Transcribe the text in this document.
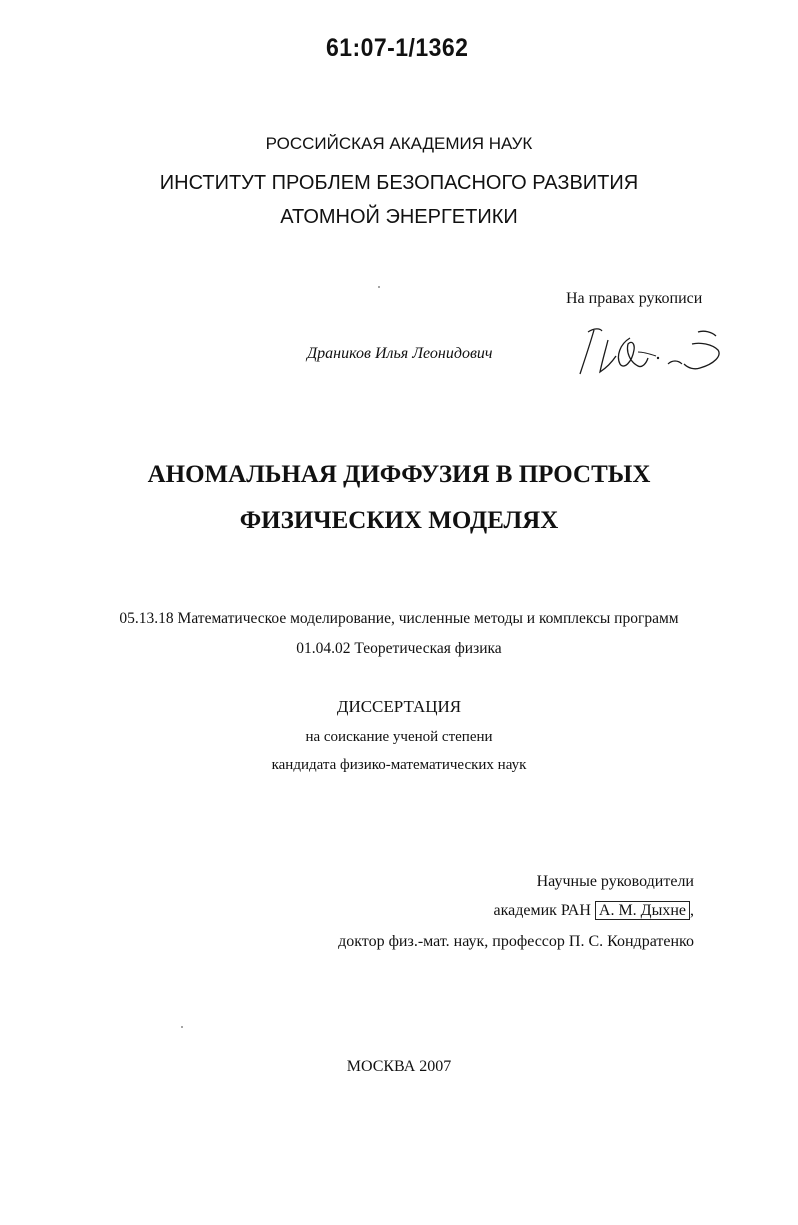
61:07-1/1362
РОССИЙСКАЯ АКАДЕМИЯ НАУК
ИНСТИТУТ ПРОБЛЕМ БЕЗОПАСНОГО РАЗВИТИЯ
АТОМНОЙ ЭНЕРГЕТИКИ
На правах рукописи
Драников Илья Леонидович
АНОМАЛЬНАЯ ДИФФУЗИЯ В ПРОСТЫХ
ФИЗИЧЕСКИХ МОДЕЛЯХ
05.13.18 Математическое моделирование, численные методы и комплексы программ
01.04.02 Теоретическая физика
ДИССЕРТАЦИЯ
на соискание ученой степени
кандидата физико-математических наук
Научные руководители
академик РАН А. М. Дыхне ,
доктор физ.-мат. наук, профессор П. С. Кондратенко
МОСКВА 2007
